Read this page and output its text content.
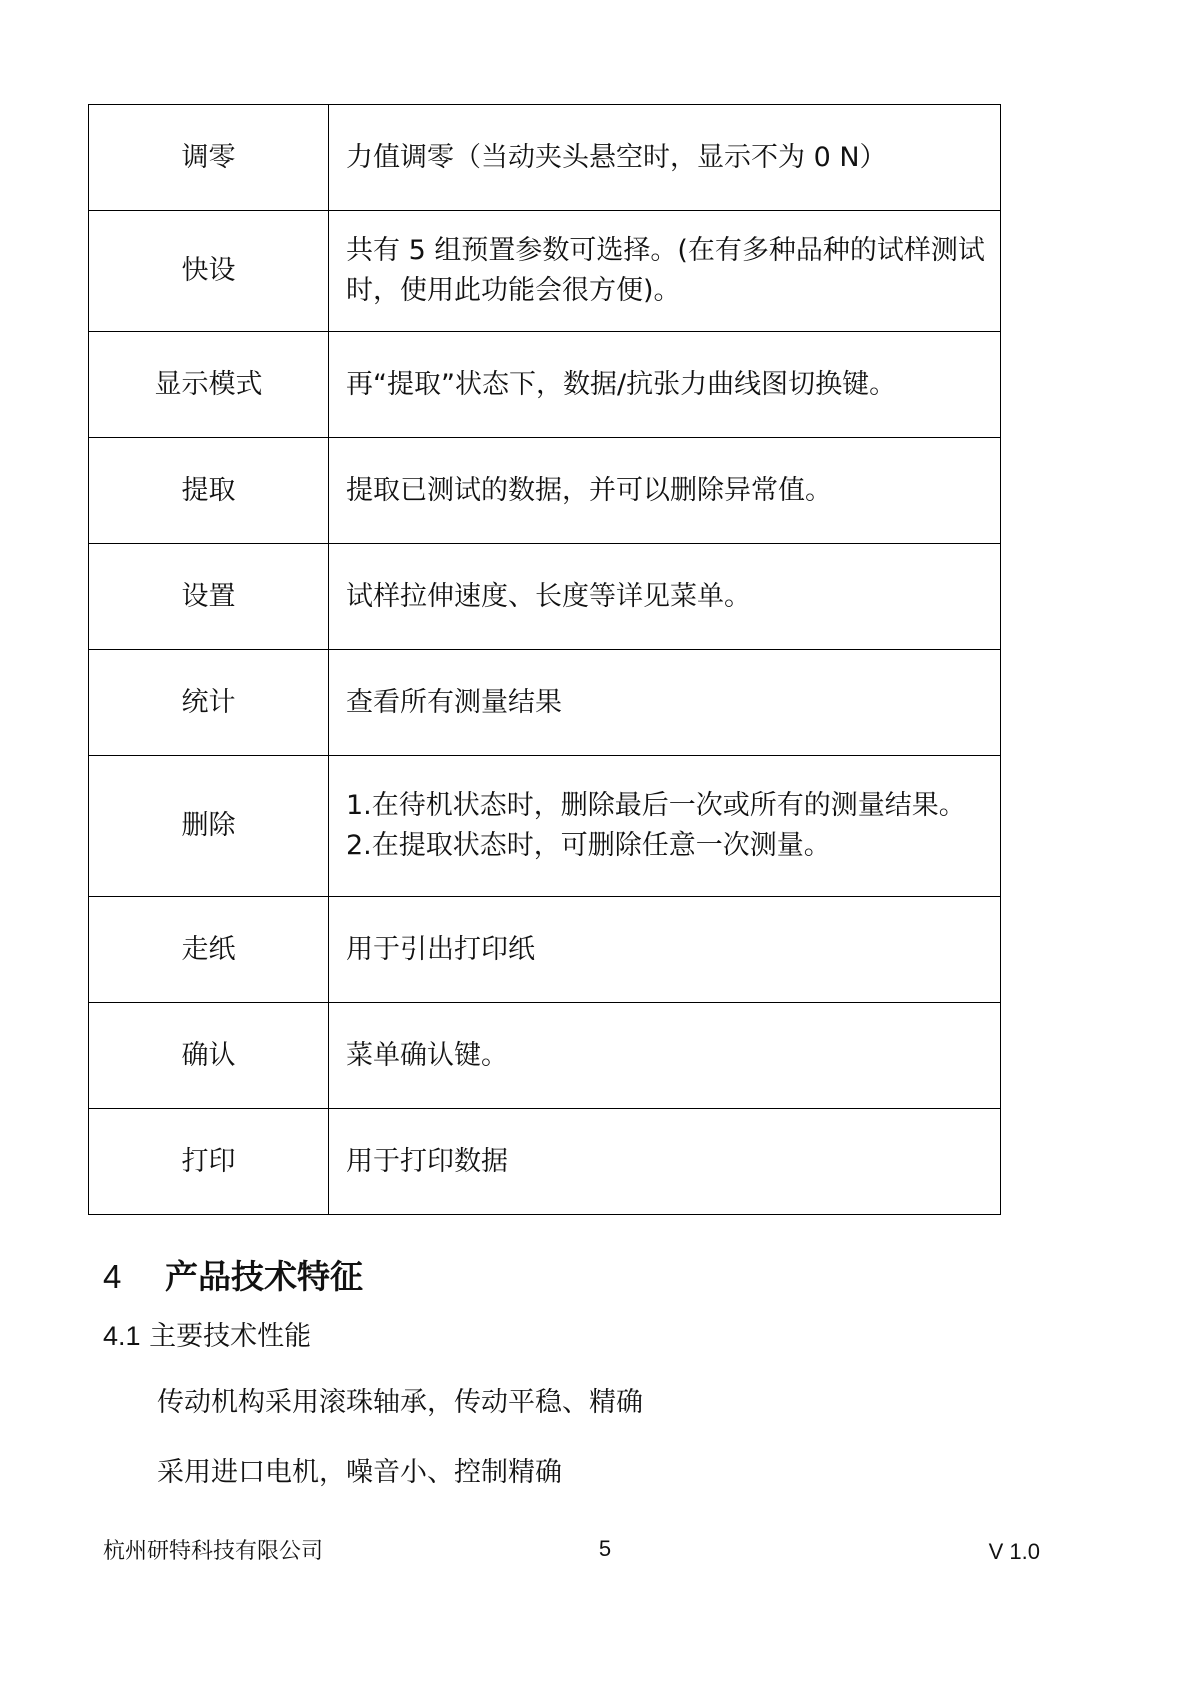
调零	力值调零（当动夹头悬空时，显示不为 0 N）

快设	共有 5 组预置参数可选择。(在有多种品种的试样测试时，使用此功能会很方便)。

显示模式	再“提取”状态下，数据/抗张力曲线图切换键。

提取	提取已测试的数据，并可以删除异常值。

设置	试样拉伸速度、长度等详见菜单。

统计	查看所有测量结果

删除	1.在待机状态时，删除最后一次或所有的测量结果。
2.在提取状态时，可删除任意一次测量。

走纸	用于引出打印纸

确认	菜单确认键。

打印	用于打印数据
4 产品技术特征
4.1 主要技术性能

传动机构采用滚珠轴承，传动平稳、精确

采用进口电机，噪音小、控制精确

杭州研特科技有限公司	5	V 1.0
